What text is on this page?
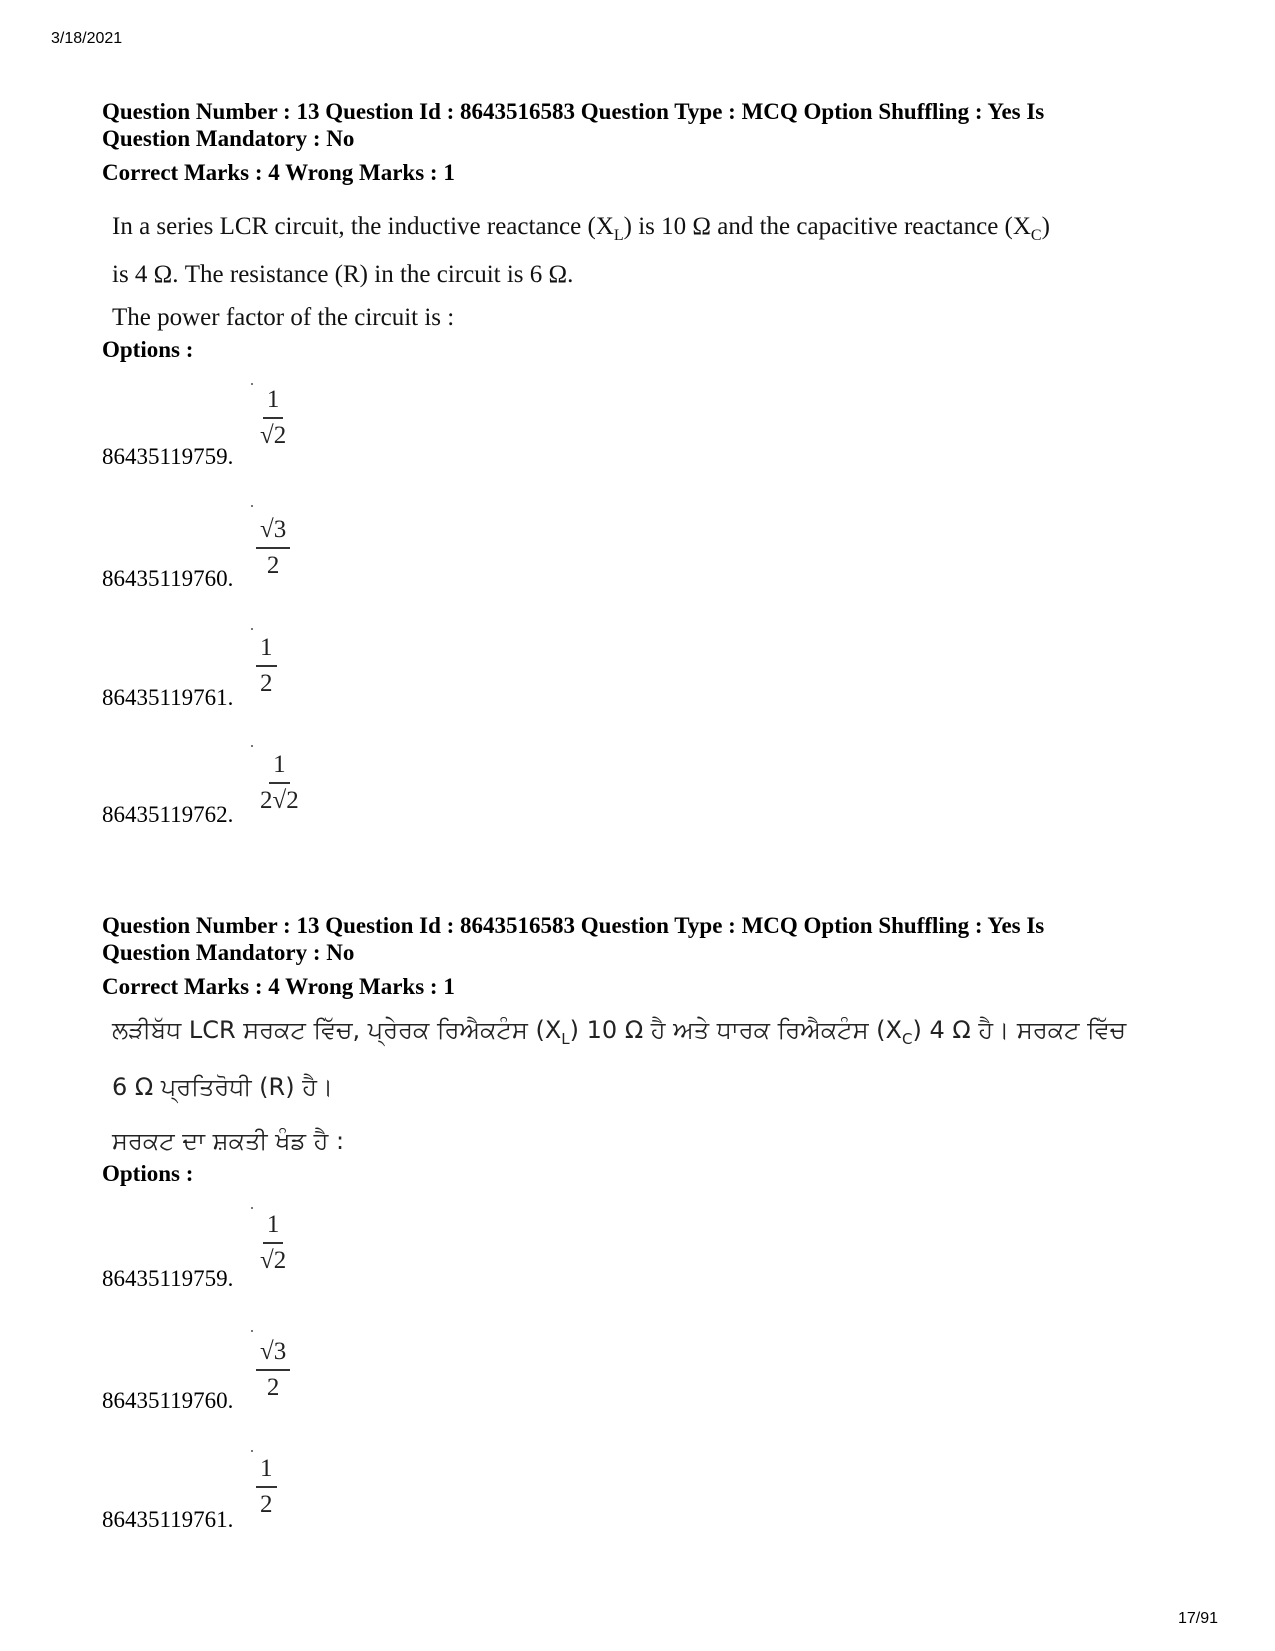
3/18/2021
Question Number : 13 Question Id : 8643516583 Question Type : MCQ Option Shuffling : Yes Is
Question Mandatory : No
Correct Marks : 4 Wrong Marks : 1
In a series LCR circuit, the inductive reactance $(X_L)$ is 10 Ω and the capacitive reactance $(X_C)$
is 4 Ω. The resistance (R) in the circuit is 6 Ω.
The power factor of the circuit is :
Options :
$\frac{1}{√2}$
86435119759.
$\frac{√3}{2}$
86435119760.
$\frac{1}{2}$
86435119761.
$\frac{1}{2√2}$
86435119762.
Question Number : 13 Question Id : 8643516583 Question Type : MCQ Option Shuffling : Yes Is
Question Mandatory : No
Correct Marks : 4 Wrong Marks : 1
ਲੜੀਬੱਧ LCR ਸਰਕਟ ਵਿੱਚ, ਪ੍ਰੇਰਕ ਰਿਐਕਟੰਸ $(X_L)$ 10 Ω ਹੈ ਅਤੇ ਧਾਰਕ ਰਿਐਕਟੰਸ $(X_C)$ 4 Ω ਹੈ। ਸਰਕਟ ਵਿੱਚ
6 Ω ਪ੍ਰਤਿਰੋਧੀ (R) ਹੈ।
ਸਰਕਟ ਦਾ ਸ਼ਕਤੀ ਖੰਡ ਹੈ :
Options :
$\frac{1}{√2}$
86435119759.
$\frac{√3}{2}$
86435119760.
$\frac{1}{2}$
86435119761.
17/91
